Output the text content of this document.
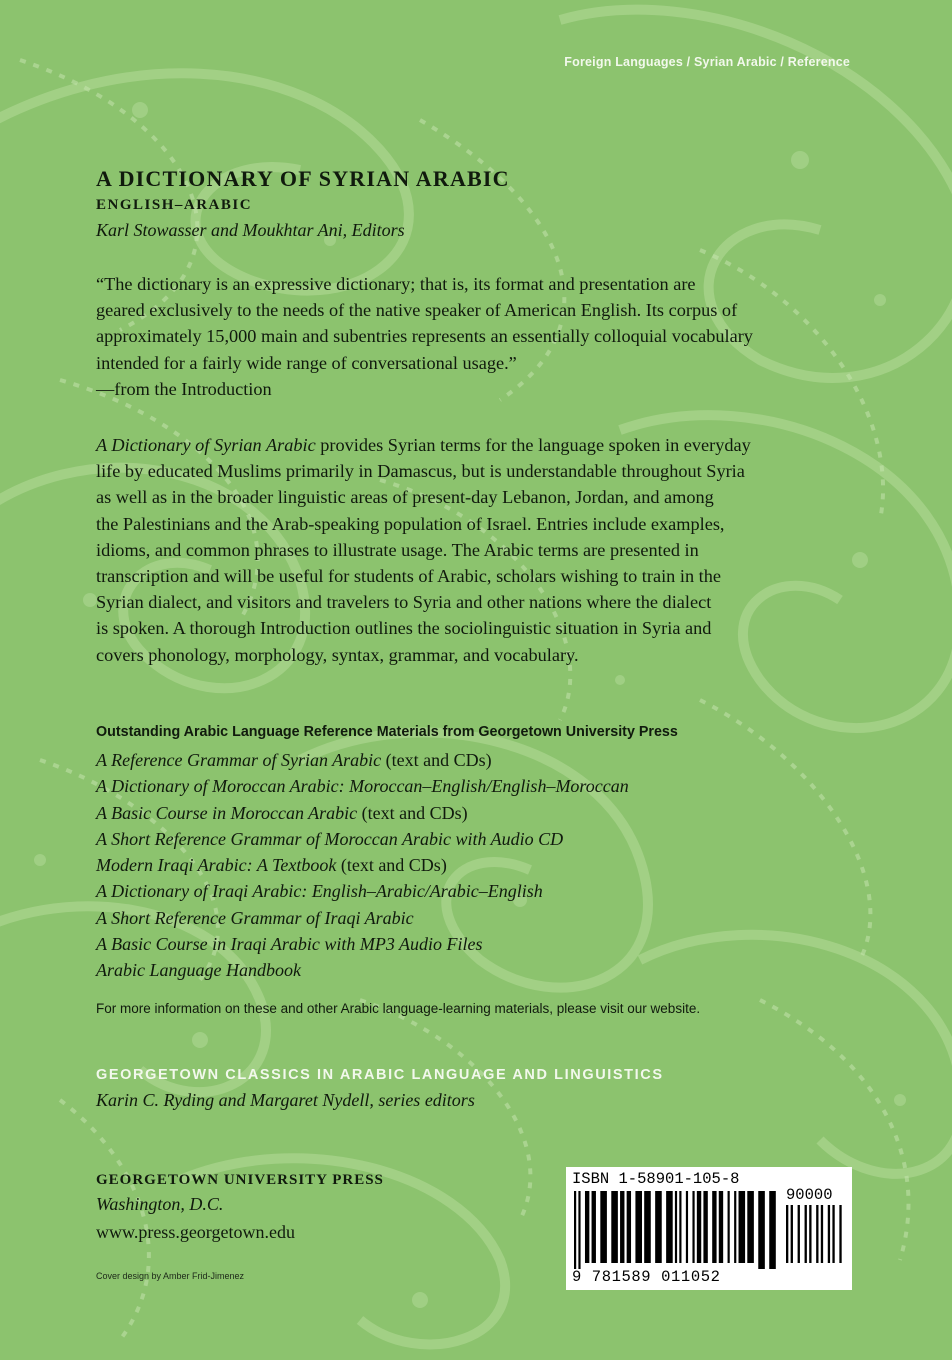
Foreign Languages / Syrian Arabic / Reference

A DICTIONARY OF SYRIAN ARABIC

ENGLISH–ARABIC

Karl Stowasser and Moukhtar Ani, Editors

“The dictionary is an expressive dictionary; that is, its format and presentation are
geared exclusively to the needs of the native speaker of American English. Its corpus of
approximately 15,000 main and subentries represents an essentially colloquial vocabulary
intended for a fairly wide range of conversational usage.”
—from the Introduction
A Dictionary of Syrian Arabic provides Syrian terms for the language spoken in everyday
life by educated Muslims primarily in Damascus, but is understandable throughout Syria
as well as in the broader linguistic areas of present-day Lebanon, Jordan, and among
the Palestinians and the Arab-speaking population of Israel. Entries include examples,
idioms, and common phrases to illustrate usage. The Arabic terms are presented in
transcription and will be useful for students of Arabic, scholars wishing to train in the
Syrian dialect, and visitors and travelers to Syria and other nations where the dialect
is spoken. A thorough Introduction outlines the sociolinguistic situation in Syria and
covers phonology, morphology, syntax, grammar, and vocabulary.

Outstanding Arabic Language Reference Materials from Georgetown University Press

A Reference Grammar of Syrian Arabic (text and CDs)
A Dictionary of Moroccan Arabic: Moroccan–English/English–Moroccan
A Basic Course in Moroccan Arabic (text and CDs)
A Short Reference Grammar of Moroccan Arabic with Audio CD
Modern Iraqi Arabic: A Textbook (text and CDs)
A Dictionary of Iraqi Arabic: English–Arabic/Arabic–English
A Short Reference Grammar of Iraqi Arabic
A Basic Course in Iraqi Arabic with MP3 Audio Files
Arabic Language Handbook

For more information on these and other Arabic language-learning materials, please visit our website.

GEORGETOWN CLASSICS IN ARABIC LANGUAGE AND LINGUISTICS

Karin C. Ryding and Margaret Nydell, series editors

GEORGETOWN UNIVERSITY PRESS

Washington, D.C.

www.press.georgetown.edu

Cover design by Amber Frid-Jimenez

ISBN 1-58901-105-8
90000
9 781589 011052
